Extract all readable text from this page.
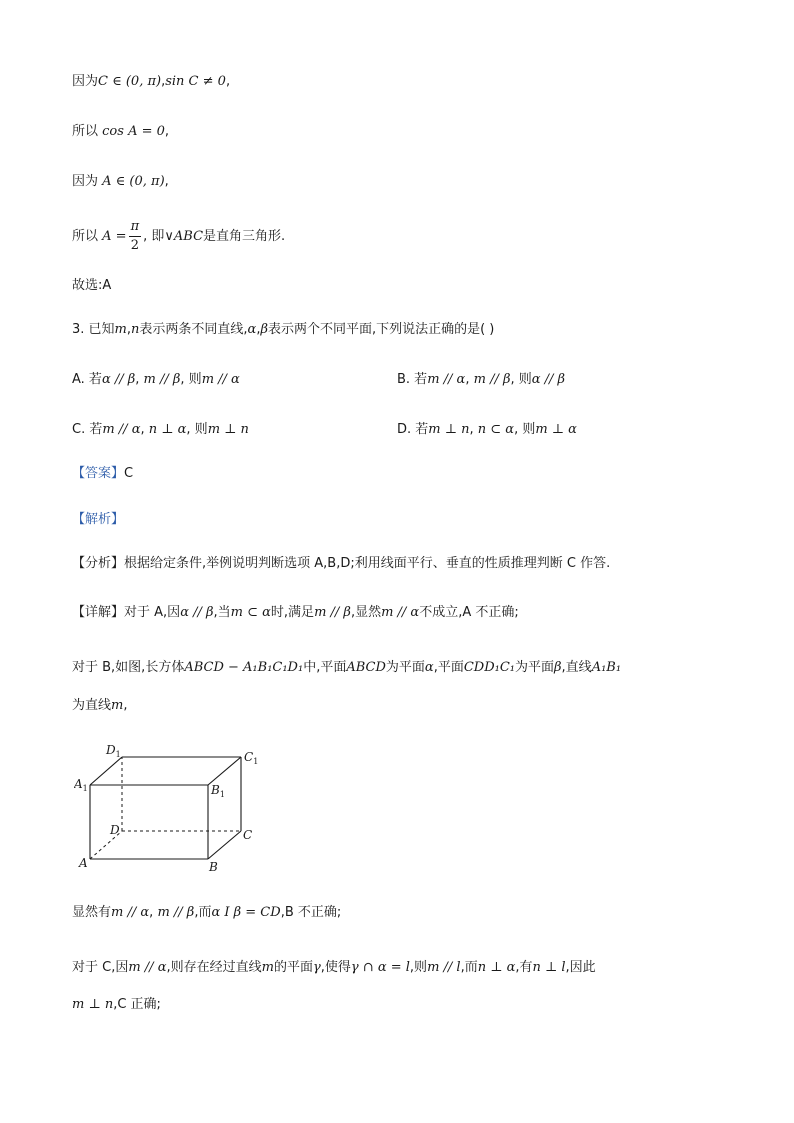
因为C ∈ (0, π),sin C ≠ 0,
所以 cos A = 0,
因为 A ∈ (0, π),
所以 $A = \frac{\pi}{2}$ , 即∨ABC是直角三角形.
故选:A
3. 已知m,n表示两条不同直线,α,β表示两个不同平面,下列说法正确的是( )
A. 若α // β, m // β, 则m // α	B. 若m // α, m // β, 则α // β
C. 若m // α, n ⊥ α, 则m ⊥ n	D. 若m ⊥ n, n ⊂ α, 则m ⊥ α
【答案】C
【解析】
【分析】根据给定条件,举例说明判断选项 A,B,D;利用线面平行、垂直的性质推理判断 C 作答.
【详解】对于 A,因α // β,当m ⊂ α时,满足m // β,显然m // α不成立,A 不正确;
对于 B,如图,长方体ABCD − A₁B₁C₁D₁中,平面ABCD为平面α,平面CDD₁C₁为平面β,直线A₁B₁
为直线m,
$D_1$	$C_1$
$A_1$	$B_1$
D	C
A	B
显然有m // α, m // β,而α I β = CD,B 不正确;
对于 C,因m // α,则存在经过直线m的平面γ,使得γ ∩ α = l,则m // l,而n ⊥ α,有n ⊥ l,因此
m ⊥ n,C 正确;
